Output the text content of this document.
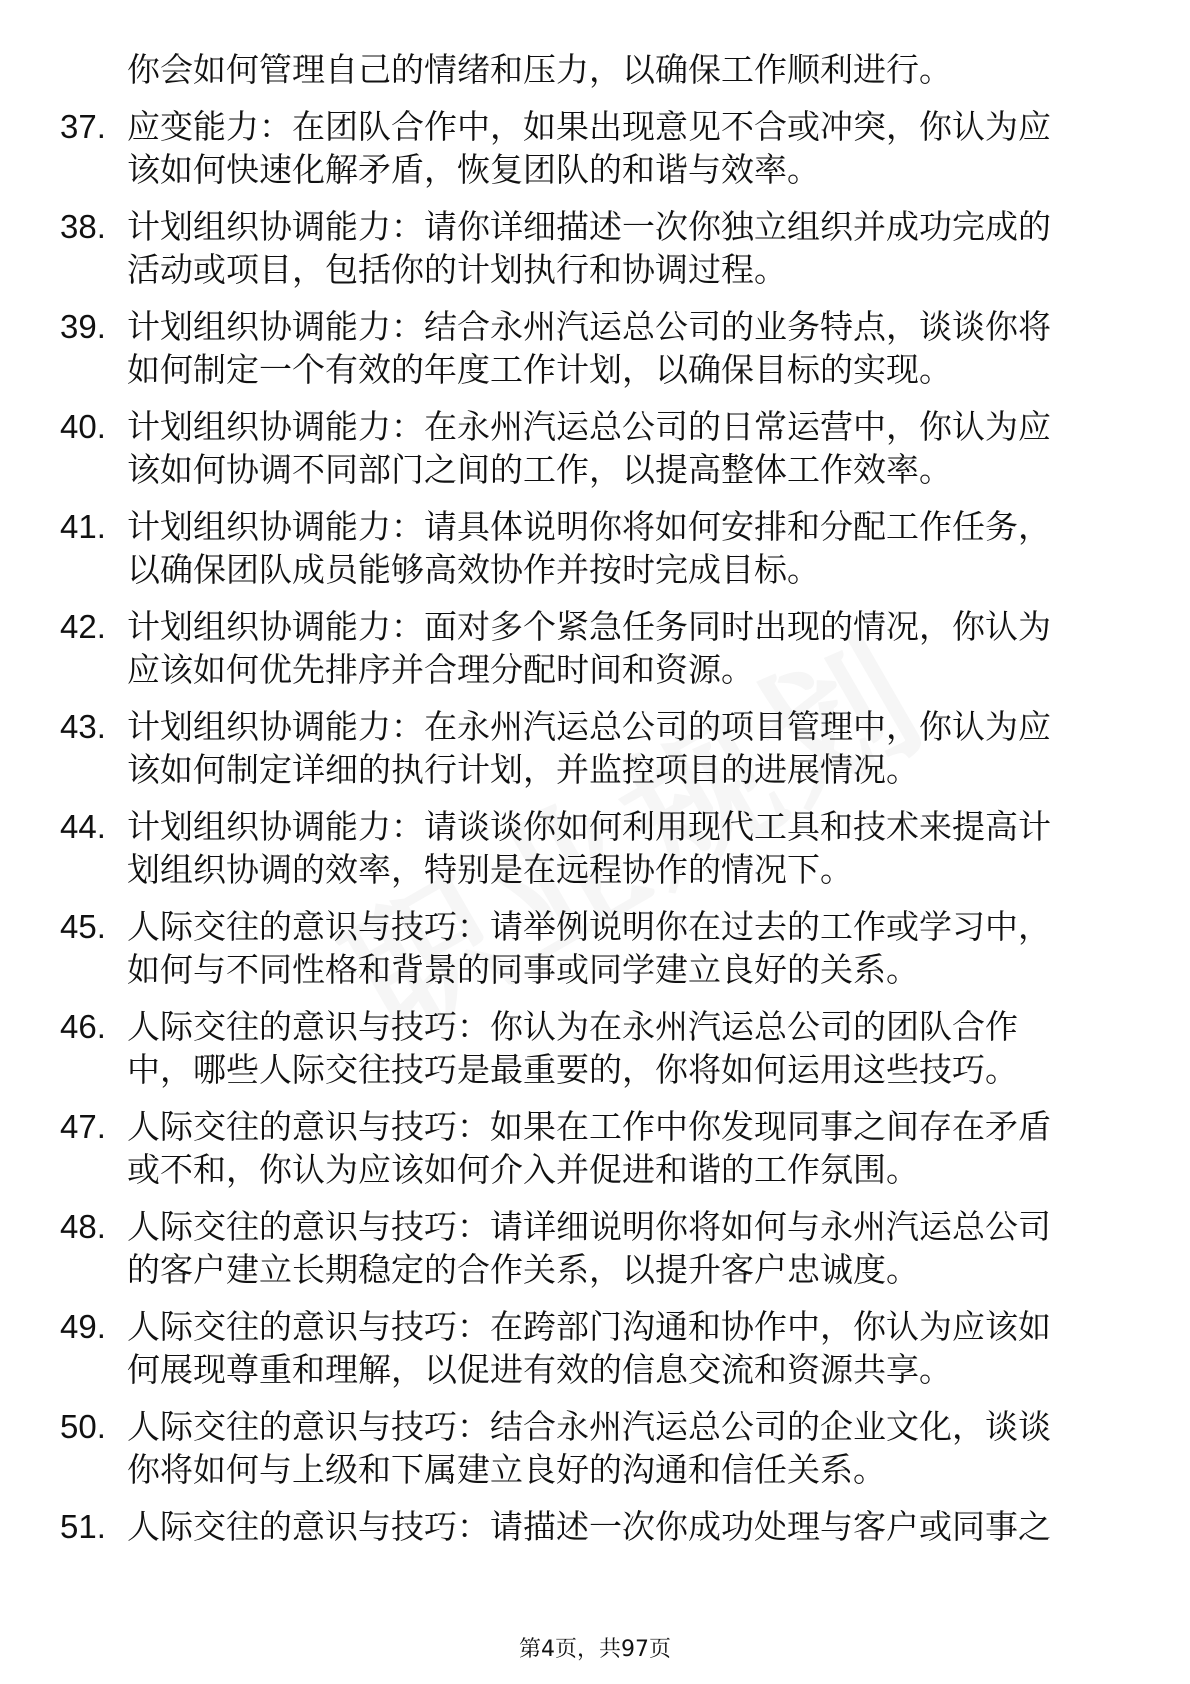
你会如何管理自己的情绪和压力，以确保工作顺利进行。
37. 应变能力：在团队合作中，如果出现意见不合或冲突，你认为应
该如何快速化解矛盾，恢复团队的和谐与效率。
38. 计划组织协调能力：请你详细描述一次你独立组织并成功完成的
活动或项目，包括你的计划执行和协调过程。
39. 计划组织协调能力：结合永州汽运总公司的业务特点，谈谈你将
如何制定一个有效的年度工作计划，以确保目标的实现。
40. 计划组织协调能力：在永州汽运总公司的日常运营中，你认为应
该如何协调不同部门之间的工作，以提高整体工作效率。
41. 计划组织协调能力：请具体说明你将如何安排和分配工作任务，
以确保团队成员能够高效协作并按时完成目标。
42. 计划组织协调能力：面对多个紧急任务同时出现的情况，你认为
应该如何优先排序并合理分配时间和资源。
43. 计划组织协调能力：在永州汽运总公司的项目管理中，你认为应
该如何制定详细的执行计划，并监控项目的进展情况。
44. 计划组织协调能力：请谈谈你如何利用现代工具和技术来提高计
划组织协调的效率，特别是在远程协作的情况下。
45. 人际交往的意识与技巧：请举例说明你在过去的工作或学习中，
如何与不同性格和背景的同事或同学建立良好的关系。
46. 人际交往的意识与技巧：你认为在永州汽运总公司的团队合作
中，哪些人际交往技巧是最重要的，你将如何运用这些技巧。
47. 人际交往的意识与技巧：如果在工作中你发现同事之间存在矛盾
或不和，你认为应该如何介入并促进和谐的工作氛围。
48. 人际交往的意识与技巧：请详细说明你将如何与永州汽运总公司
的客户建立长期稳定的合作关系，以提升客户忠诚度。
49. 人际交往的意识与技巧：在跨部门沟通和协作中，你认为应该如
何展现尊重和理解，以促进有效的信息交流和资源共享。
50. 人际交往的意识与技巧：结合永州汽运总公司的企业文化，谈谈
你将如何与上级和下属建立良好的沟通和信任关系。
51. 人际交往的意识与技巧：请描述一次你成功处理与客户或同事之
第4页，共97页
